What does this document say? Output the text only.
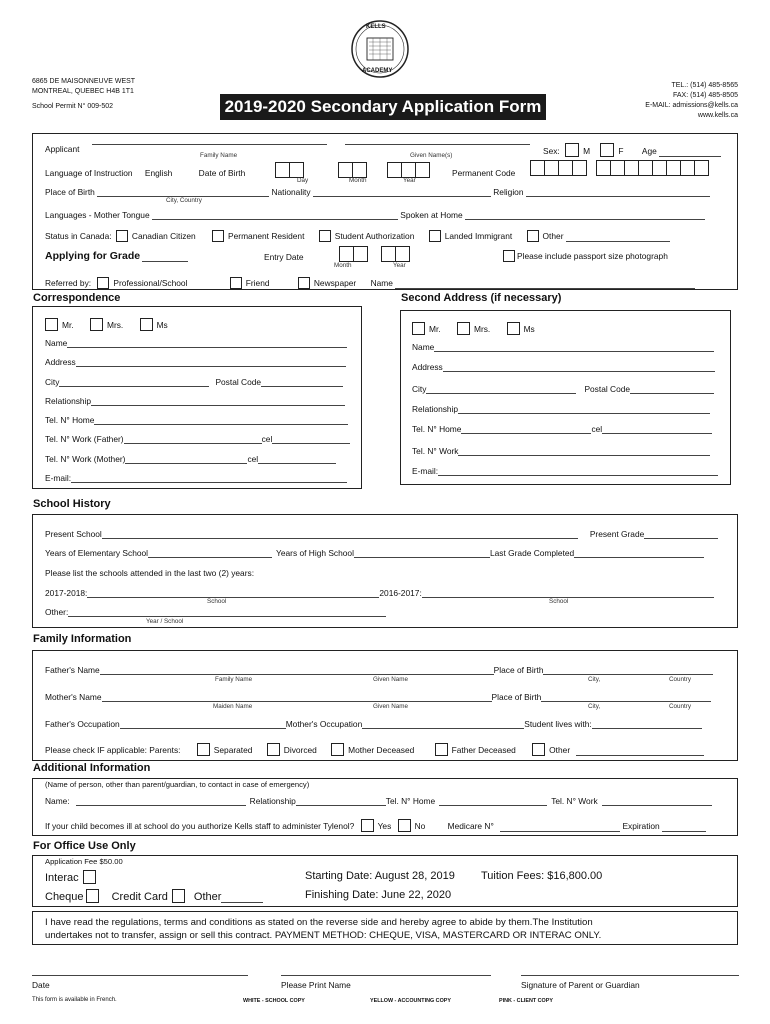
KELLS
ACADEMY
6865 DE MAISONNEUVE WEST
MONTREAL, QUEBEC H4B 1T1
School Permit N° 009-502	2019-2020 Secondary Application Form
TEL.: (514) 485-8565
FAX: (514) 485-8505
E-MAIL: admissions@kells.ca
www.kells.ca
Applicant
Family Name	Given Name(s)	Sex:	M	F Age
Language of Instruction English	Date of Birth
Day	Month	Year
Permanent Code
Place of Birth	Nationality	Religion
City, Country
Languages - Mother Tongue	Spoken at Home
Status in Canada: Canadian Citizen	Permanent Resident	Student Authorization	Landed Immigrant	Other
Applying for Grade	Entry Date
Month	Year
Please include passport size photograph
Referred by:	Professional/School	Friend	Newspaper Name
Correspondence
Mr.	Mrs.	Ms
Name
Address
City	Postal Code
Relationship
Tel. N° Home
Tel. N° Work (Father)	cel
Tel. N° Work (Mother)	cel
E-mail:
Second Address (if necessary)
Mr.	Mrs.	Ms
Name
Address
City	Postal Code
Relationship
Tel. N° Home	cel
Tel. N° Work
E-mail:
School History
Present School	Present Grade
Years of Elementary School	Years of High School	Last Grade Completed
Please list the schools attended in the last two (2) years:
2017-2018:	2016-2017:
School	School
Other:
Year / School
Family Information
Father's Name	Place of Birth
Family Name	Given Name	City,	Country
Mother's Name	Place of Birth
Maiden Name	Given Name	City,	Country
Father's Occupation	Mother's Occupation	Student lives with:
Please check IF applicable: Parents:	Separated	Divorced	Mother Deceased	Father Deceased	Other
Additional Information
(Name of person, other than parent/guardian, to contact in case of emergency)
Name:	Relationship	Tel. N° Home	Tel. N° Work
If your child becomes ill at school do you authorize Kells staff to administer Tylenol?	Yes	No	Medicare N°	Expiration
For Office Use Only
Application Fee $50.00
Interac
Cheque	Credit Card Other
Starting Date: August 28, 2019 Tuition Fees: $16,800.00
Finishing Date: June 22, 2020
I have read the regulations, terms and conditions as stated on the reverse side and hereby agree to abide by them.The Institution
undertakes not to transfer, assign or sell this contract. PAYMENT METHOD: CHEQUE, VISA, MASTERCARD OR INTERAC ONLY.
Date	Please Print Name	Signature of Parent or Guardian
This form is available in French.	WHITE - SCHOOL COPY	YELLOW - ACCOUNTING COPY	PINK - CLIENT COPY
